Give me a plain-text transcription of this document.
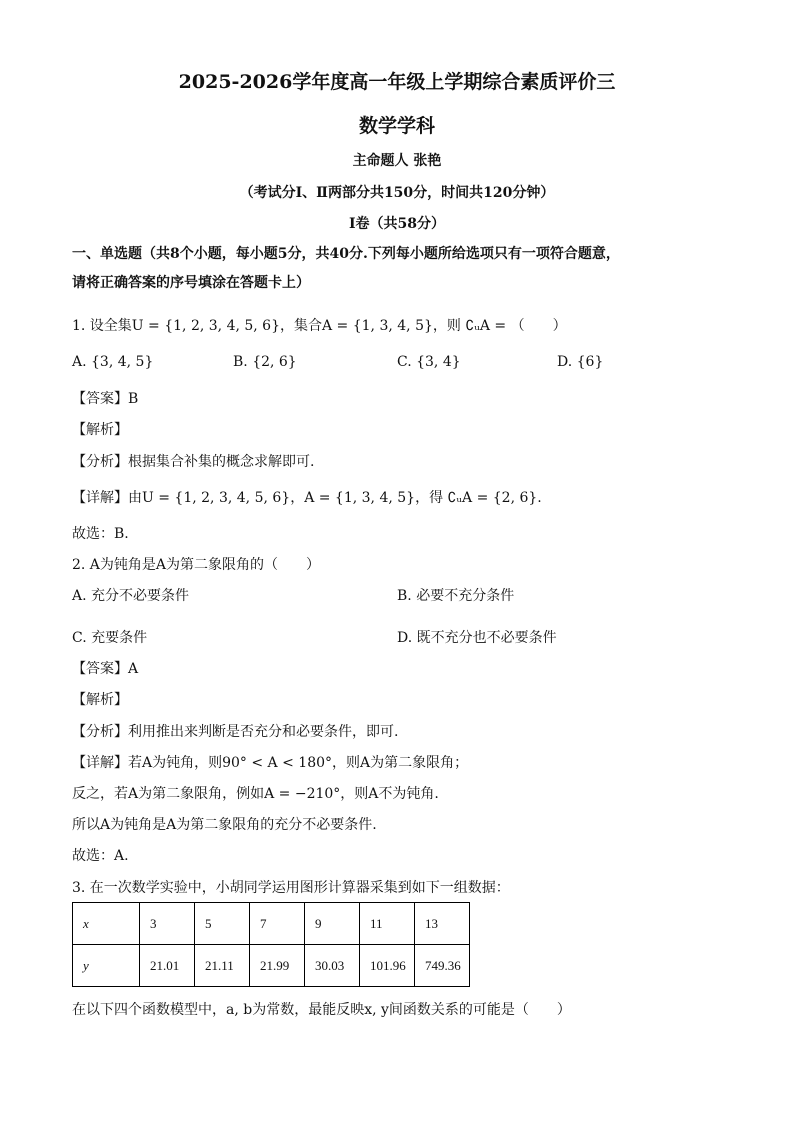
2025-2026学年度高一年级上学期综合素质评价三
数学学科
主命题人 张艳
（考试分Ⅰ、Ⅱ两部分共150分，时间共120分钟）
Ⅰ卷（共58分）
一、单选题（共8个小题，每小题5分，共40分.下列每小题所给选项只有一项符合题意，
请将正确答案的序号填涂在答题卡上）
1. 设全集U = {1, 2, 3, 4, 5, 6}，集合A = {1, 3, 4, 5}，则 ∁ᵤA = （　　）
A. {3, 4, 5}	B. {2, 6}	C. {3, 4}	D. {6}
【答案】B
【解析】
【分析】根据集合补集的概念求解即可.
【详解】由U = {1, 2, 3, 4, 5, 6}，A = {1, 3, 4, 5}，得 ∁ᵤA = {2, 6}.
故选：B.
2. A为钝角是A为第二象限角的（　　）
A. 充分不必要条件	B. 必要不充分条件
C. 充要条件	D. 既不充分也不必要条件
【答案】A
【解析】
【分析】利用推出来判断是否充分和必要条件，即可.
【详解】若A为钝角，则90° < A < 180°，则A为第二象限角；
反之，若A为第二象限角，例如A = −210°，则A不为钝角.
所以A为钝角是A为第二象限角的充分不必要条件.
故选：A.
3. 在一次数学实验中，小胡同学运用图形计算器采集到如下一组数据：
x	3	5	7	9	11	13
y	21.01	21.11	21.99	30.03	101.96	749.36
在以下四个函数模型中，a, b为常数，最能反映x, y间函数关系的可能是（　　）
